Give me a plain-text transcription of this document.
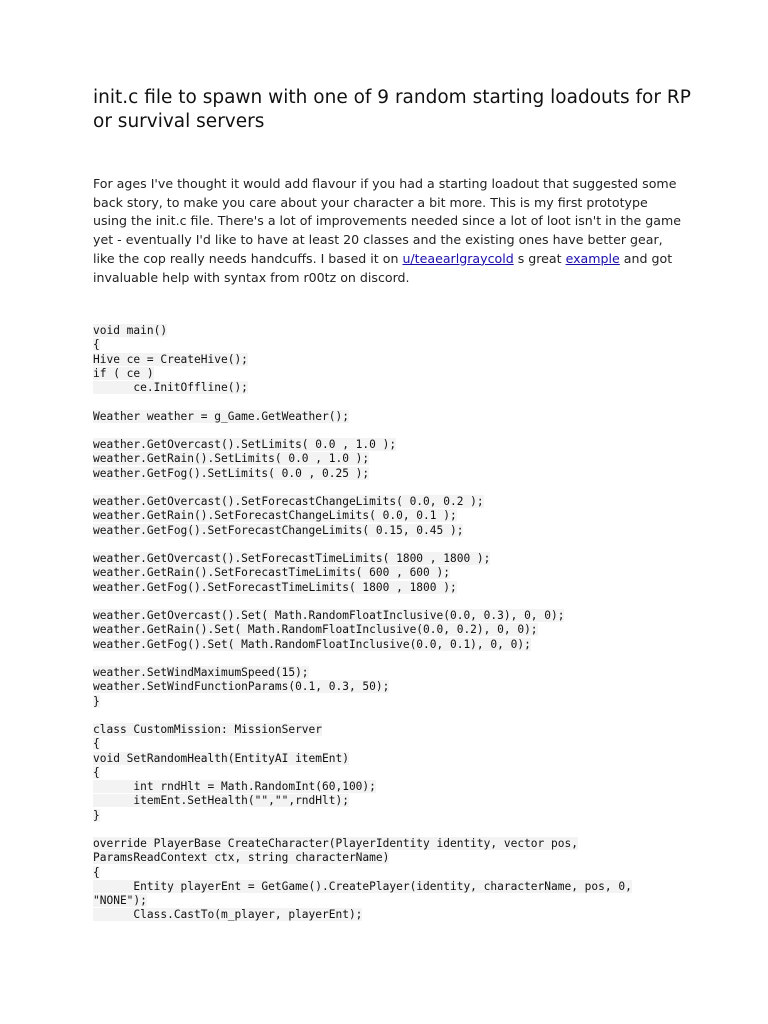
init.c file to spawn with one of 9 random starting loadouts for RP or survival servers

For ages I've thought it would add flavour if you had a starting loadout that suggested some back story, to make you care about your character a bit more. This is my first prototype using the init.c file. There's a lot of improvements needed since a lot of loot isn't in the game yet - eventually I'd like to have at least 20 classes and the existing ones have better gear, like the cop really needs handcuffs. I based it on u/teaearlgraycold s great example and got invaluable help with syntax from r00tz on discord.

void main()
{
Hive ce = CreateHive();
if ( ce )
ce.InitOffline();
Weather weather = g_Game.GetWeather();
weather.GetOvercast().SetLimits( 0.0 , 1.0 );
weather.GetRain().SetLimits( 0.0 , 1.0 );
weather.GetFog().SetLimits( 0.0 , 0.25 );
weather.GetOvercast().SetForecastChangeLimits( 0.0, 0.2 );
weather.GetRain().SetForecastChangeLimits( 0.0, 0.1 );
weather.GetFog().SetForecastChangeLimits( 0.15, 0.45 );
weather.GetOvercast().SetForecastTimeLimits( 1800 , 1800 );
weather.GetRain().SetForecastTimeLimits( 600 , 600 );
weather.GetFog().SetForecastTimeLimits( 1800 , 1800 );
weather.GetOvercast().Set( Math.RandomFloatInclusive(0.0, 0.3), 0, 0);
weather.GetRain().Set( Math.RandomFloatInclusive(0.0, 0.2), 0, 0);
weather.GetFog().Set( Math.RandomFloatInclusive(0.0, 0.1), 0, 0);
weather.SetWindMaximumSpeed(15);
weather.SetWindFunctionParams(0.1, 0.3, 50);
}
class CustomMission: MissionServer
{
void SetRandomHealth(EntityAI itemEnt)
{
int rndHlt = Math.RandomInt(60,100);
itemEnt.SetHealth("","",rndHlt);
}
override PlayerBase CreateCharacter(PlayerIdentity identity, vector pos,
ParamsReadContext ctx, string characterName)
{
Entity playerEnt = GetGame().CreatePlayer(identity, characterName, pos, 0,
"NONE");
Class.CastTo(m_player, playerEnt);
